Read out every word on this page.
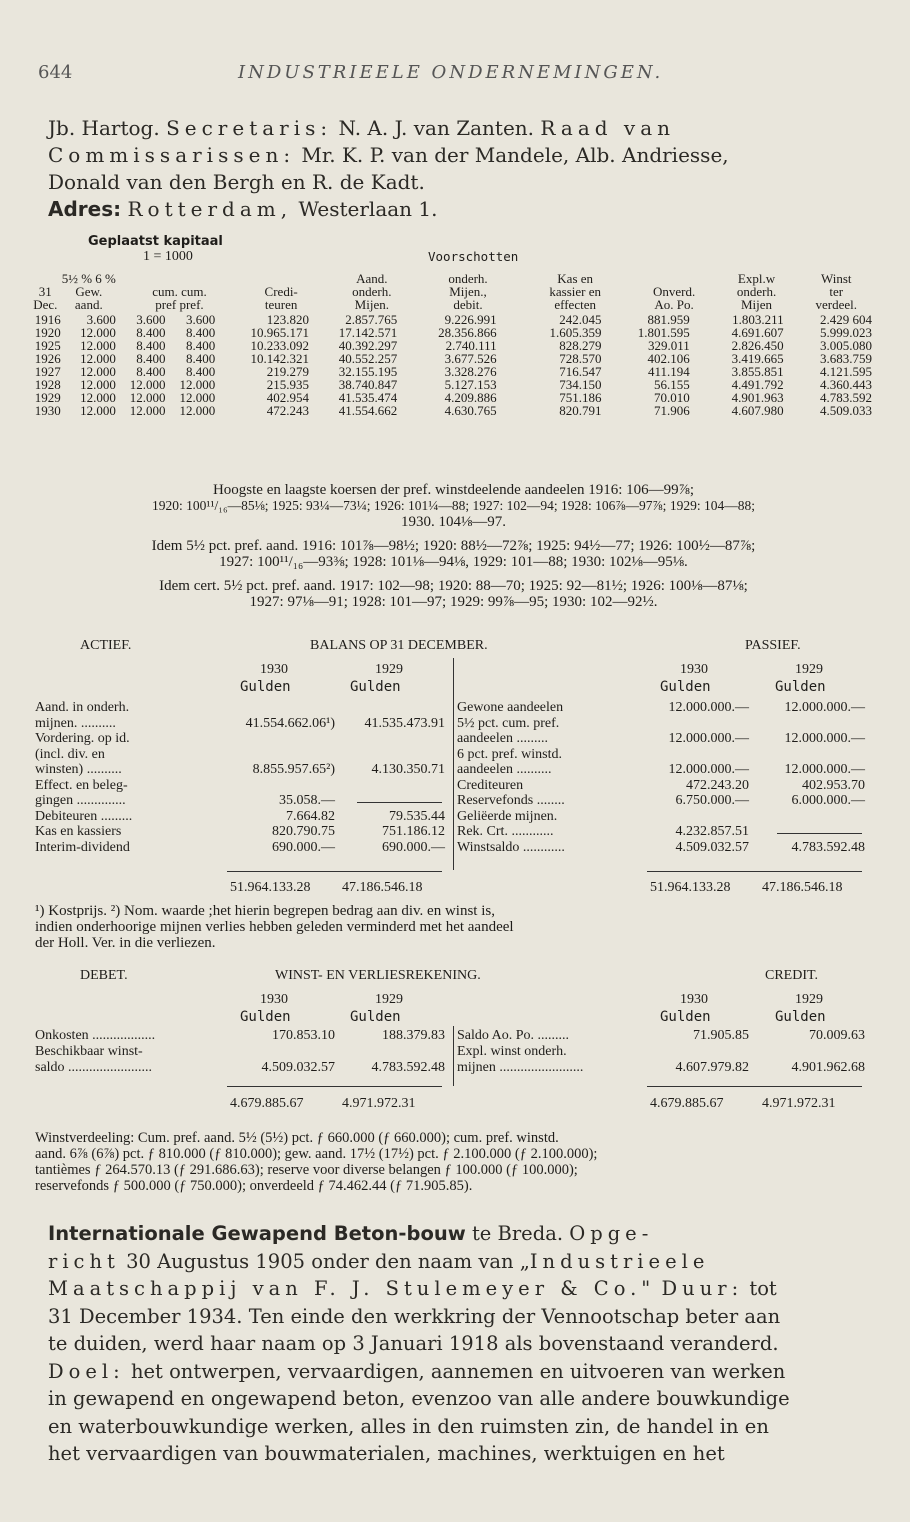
644	INDUSTRIEELE ONDERNEMINGEN.
Jb. Hartog. Secretaris: N. A. J. van Zanten. Raad van
Commissarissen: Mr. K. P. van der Mandele, Alb. Andriesse,
Donald van den Bergh en R. de Kadt.
Adres: Rotterdam, Westerlaan 1.
Geplaatst kapitaal
1 = 1000	Voorschotten
	5½ % 6 %			Aand.	onderh.	Kas en		Expl.w	Winst
31	Gew.	cum. cum.	Credi-	onderh.	Mijen.,	kassier en	Onverd.	onderh.	ter
Dec.	aand.	pref pref.	teuren	Mijen.	debit.	effecten	Ao. Po.	Mijen	verdeel.
1916	3.600	3.600	3.600	123.820	2.857.765	9.226.991	242.045	881.959	1.803.211	2.429 604
1920	12.000	8.400	8.400	10.965.171	17.142.571	28.356.866	1.605.359	1.801.595	4.691.607	5.999.023
1925	12.000	8.400	8.400	10.233.092	40.392.297	2.740.111	828.279	329.011	2.826.450	3.005.080
1926	12.000	8.400	8.400	10.142.321	40.552.257	3.677.526	728.570	402.106	3.419.665	3.683.759
1927	12.000	8.400	8.400	219.279	32.155.195	3.328.276	716.547	411.194	3.855.851	4.121.595
1928	12.000	12.000	12.000	215.935	38.740.847	5.127.153	734.150	56.155	4.491.792	4.360.443
1929	12.000	12.000	12.000	402.954	41.535.474	4.209.886	751.186	70.010	4.901.963	4.783.592
1930	12.000	12.000	12.000	472.243	41.554.662	4.630.765	820.791	71.906	4.607.980	4.509.033
Hoogste en laagste koersen der pref. winstdeelende aandeelen 1916: 106—99⅞;
1920: 100¹¹/₁₆—85⅛; 1925: 93¼—73¼; 1926: 101¼—88; 1927: 102—94; 1928: 106⅞—97⅞; 1929: 104—88;
1930. 104⅛—97.
Idem 5½ pct. pref. aand. 1916: 101⅞—98½; 1920: 88½—72⅞; 1925: 94½—77; 1926: 100½—87⅞;
1927: 100¹¹/₁₆—93⅜; 1928: 101⅛—94⅛, 1929: 101—88; 1930: 102⅛—95⅛.
Idem cert. 5½ pct. pref. aand. 1917: 102—98; 1920: 88—70; 1925: 92—81½; 1926: 100⅛—87⅛;
1927: 97⅛—91; 1928: 101—97; 1929: 99⅞—95; 1930: 102—92½.
ACTIEF.	BALANS OP 31 DECEMBER.	PASSIEF.
1930	1929
Gulden	Gulden
1930	1929
Gulden	Gulden
Aand. in onderh.
mijnen. ..........	41.554.662.06¹)	41.535.473.91
Vordering. op id.
(incl. div. en
winsten) ..........	8.855.957.65²)	4.130.350.71
Effect. en beleg-
gingen ..............	35.058.—
Debiteuren .........	7.664.82	79.535.44
Kas en kassiers	820.790.75	751.186.12
Interim-dividend	690.000.—	690.000.—
Gewone aandeelen	12.000.000.—	12.000.000.—
5½ pct. cum. pref.
aandeelen .........	12.000.000.—	12.000.000.—
6 pct. pref. winstd.
aandeelen ..........	12.000.000.—	12.000.000.—
Crediteuren	472.243.20	402.953.70
Reservefonds ........	6.750.000.—	6.000.000.—
Geliëerde mijnen.
Rek. Crt. ............	4.232.857.51
Winstsaldo ............	4.509.032.57	4.783.592.48
51.964.133.28 47.186.546.18	51.964.133.28 47.186.546.18
¹) Kostprijs. ²) Nom. waarde ;het hierin begrepen bedrag aan div. en winst is,
indien onderhoorige mijnen verlies hebben geleden verminderd met het aandeel
der Holl. Ver. in die verliezen.
DEBET.	WINST- EN VERLIESREKENING.	CREDIT.
1930	1929
Gulden	Gulden
1930	1929
Gulden	Gulden
Onkosten ..................	170.853.10	188.379.83
Beschikbaar winst-
saldo ........................	4.509.032.57	4.783.592.48
Saldo Ao. Po. .........	71.905.85	70.009.63
Expl. winst onderh.
mijnen ........................	4.607.979.82	4.901.962.68
4.679.885.67	4.971.972.31	4.679.885.67	4.971.972.31
Winstverdeeling: Cum. pref. aand. 5½ (5½) pct. ƒ 660.000 (ƒ 660.000); cum. pref. winstd.
aand. 6⅞ (6⅞) pct. ƒ 810.000 (ƒ 810.000); gew. aand. 17½ (17½) pct. ƒ 2.100.000 (ƒ 2.100.000);
tantièmes ƒ 264.570.13 (ƒ 291.686.63); reserve voor diverse belangen ƒ 100.000 (ƒ 100.000);
reservefonds ƒ 500.000 (ƒ 750.000); onverdeeld ƒ 74.462.44 (ƒ 71.905.85).
Internationale Gewapend Beton-bouw te Breda. Opge-
richt 30 Augustus 1905 onder den naam van „Industrieele
Maatschappij van F. J. Stulemeyer & Co." Duur: tot
31 December 1934. Ten einde den werkkring der Vennootschap beter aan
te duiden, werd haar naam op 3 Januari 1918 als bovenstaand veranderd.
Doel: het ontwerpen, vervaardigen, aannemen en uitvoeren van werken
in gewapend en ongewapend beton, evenzoo van alle andere bouwkundige
en waterbouwkundige werken, alles in den ruimsten zin, de handel in en
het vervaardigen van bouwmaterialen, machines, werktuigen en het
